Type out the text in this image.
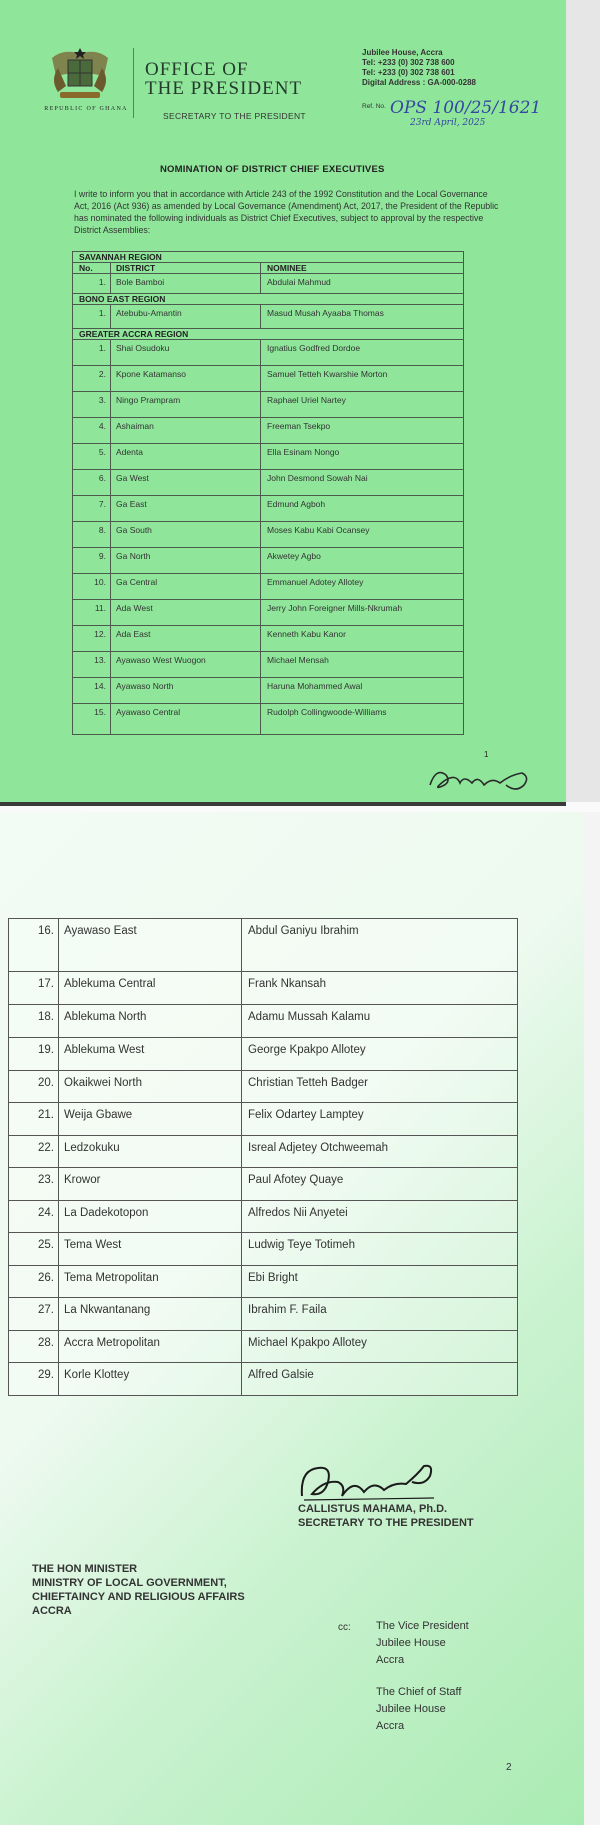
REPUBLIC OF GHANA
OFFICE OF
THE PRESIDENT
SECRETARY TO THE PRESIDENT
Jubilee House, Accra
Tel: +233 (0) 302 738 600
Tel: +233 (0) 302 738 601
Digital Address : GA-000-0288
Ref. No. OPS 100/25/1621
23rd April, 2025
NOMINATION OF DISTRICT CHIEF EXECUTIVES
I write to inform you that in accordance with Article 243 of the 1992 Constitution and the Local Governance Act, 2016 (Act 936) as amended by Local Governance (Amendment) Act, 2017, the President of the Republic has nominated the following individuals as District Chief Executives, subject to approval by the respective District Assemblies:
SAVANNAH REGION
No.	DISTRICT	NOMINEE
1.	Bole Bamboi	Abdulai Mahmud
BONO EAST REGION
1.	Atebubu-Amantin	Masud Musah Ayaaba Thomas
GREATER ACCRA REGION
1.	Shai Osudoku	Ignatius Godfred Dordoe
2.	Kpone Katamanso	Samuel Tetteh Kwarshie Morton
3.	Ningo Prampram	Raphael Uriel Nartey
4.	Ashaiman	Freeman Tsekpo
5.	Adenta	Ella Esinam Nongo
6.	Ga West	John Desmond Sowah Nai
7.	Ga East	Edmund Agboh
8.	Ga South	Moses Kabu Kabi Ocansey
9.	Ga North	Akwetey Agbo
10.	Ga Central	Emmanuel Adotey Allotey
11.	Ada West	Jerry John Foreigner Mills-Nkrumah
12.	Ada East	Kenneth Kabu Kanor
13.	Ayawaso West Wuogon	Michael Mensah
14.	Ayawaso North	Haruna Mohammed Awal
15.	Ayawaso Central	Rudolph Collingwoode-Williams
1
16. Ayawaso East	Abdul Ganiyu Ibrahim
17. Ablekuma Central	Frank Nkansah
18. Ablekuma North	Adamu Mussah Kalamu
19. Ablekuma West	George Kpakpo Allotey
20. Okaikwei North	Christian Tetteh Badger
21. Weija Gbawe	Felix Odartey Lamptey
22. Ledzokuku	Isreal Adjetey Otchweemah
23. Krowor	Paul Afotey Quaye
24. La Dadekotopon	Alfredos Nii Anyetei
25. Tema West	Ludwig Teye Totimeh
26. Tema Metropolitan	Ebi Bright
27. La Nkwantanang	Ibrahim F. Faila
28. Accra Metropolitan	Michael Kpakpo Allotey
29. Korle Klottey	Alfred Galsie
CALLISTUS MAHAMA, Ph.D.
SECRETARY TO THE PRESIDENT
THE HON MINISTER
MINISTRY OF LOCAL GOVERNMENT,
CHIEFTAINCY AND RELIGIOUS AFFAIRS
ACCRA
cc: The Vice President
Jubilee House
Accra
The Chief of Staff
Jubilee House
Accra
2
